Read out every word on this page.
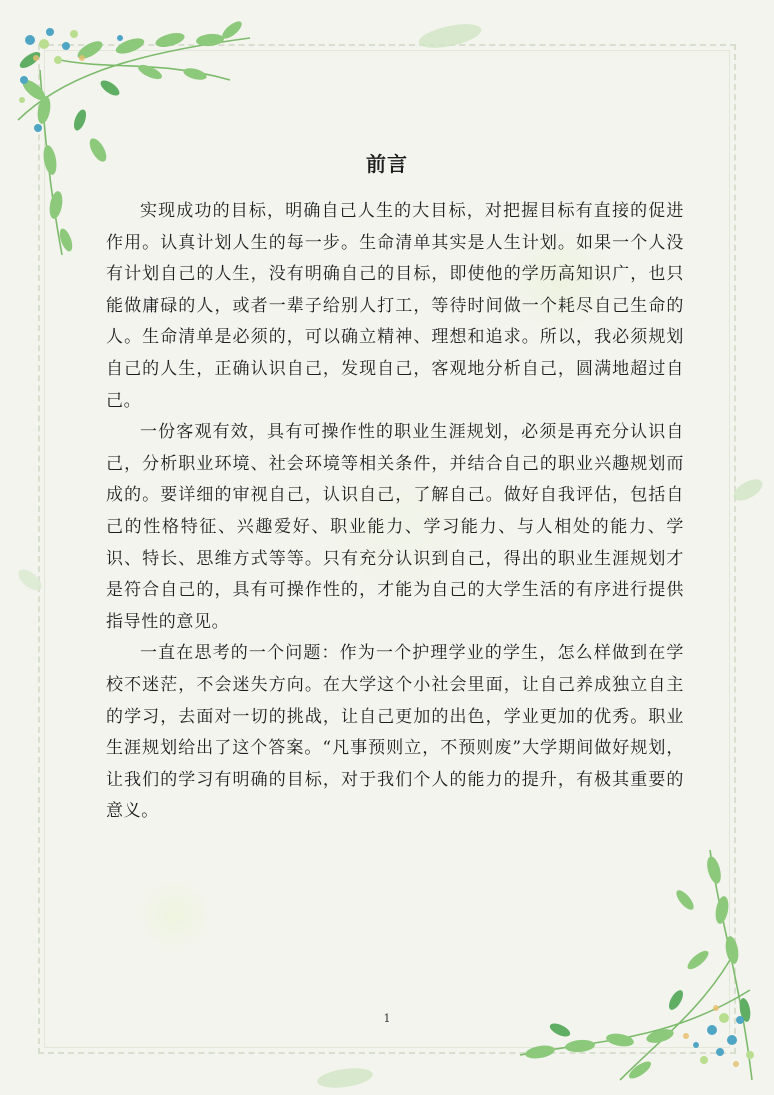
前言

实现成功的目标，明确自己人生的大目标，对把握目标有直接的促进作用。认真计划人生的每一步。生命清单其实是人生计划。如果一个人没有计划自己的人生，没有明确自己的目标，即使他的学历高知识广，也只能做庸碌的人，或者一辈子给别人打工，等待时间做一个耗尽自己生命的人。生命清单是必须的，可以确立精神、理想和追求。所以，我必须规划自己的人生，正确认识自己，发现自己，客观地分析自己，圆满地超过自己。

一份客观有效，具有可操作性的职业生涯规划，必须是再充分认识自己，分析职业环境、社会环境等相关条件，并结合自己的职业兴趣规划而成的。要详细的审视自己，认识自己，了解自己。做好自我评估，包括自己的性格特征、兴趣爱好、职业能力、学习能力、与人相处的能力、学识、特长、思维方式等等。只有充分认识到自己，得出的职业生涯规划才是符合自己的，具有可操作性的，才能为自己的大学生活的有序进行提供指导性的意见。

一直在思考的一个问题：作为一个护理学业的学生，怎么样做到在学校不迷茫，不会迷失方向。在大学这个小社会里面，让自己养成独立自主的学习，去面对一切的挑战，让自己更加的出色，学业更加的优秀。职业生涯规划给出了这个答案。“凡事预则立，不预则废”大学期间做好规划，让我们的学习有明确的目标，对于我们个人的能力的提升，有极其重要的意义。

1
